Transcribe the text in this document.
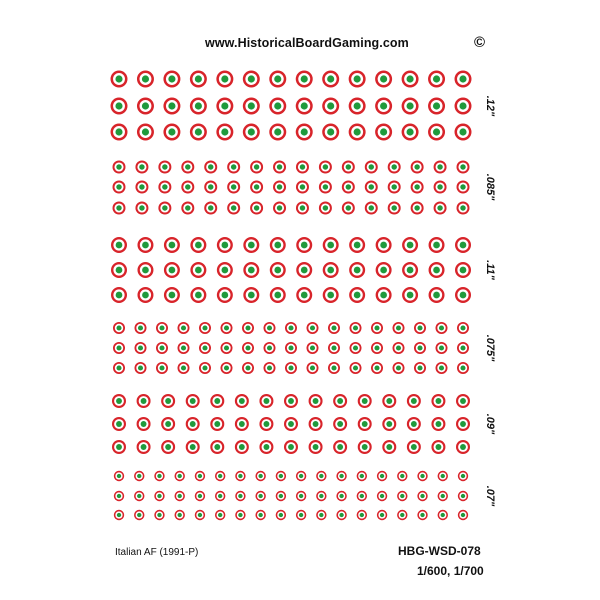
www.HistoricalBoardGaming.com	©
.12"
.085"
.11"
.075"
.09"
.07"
Italian AF (1991-P)	HBG-WSD-078
1/600, 1/700
